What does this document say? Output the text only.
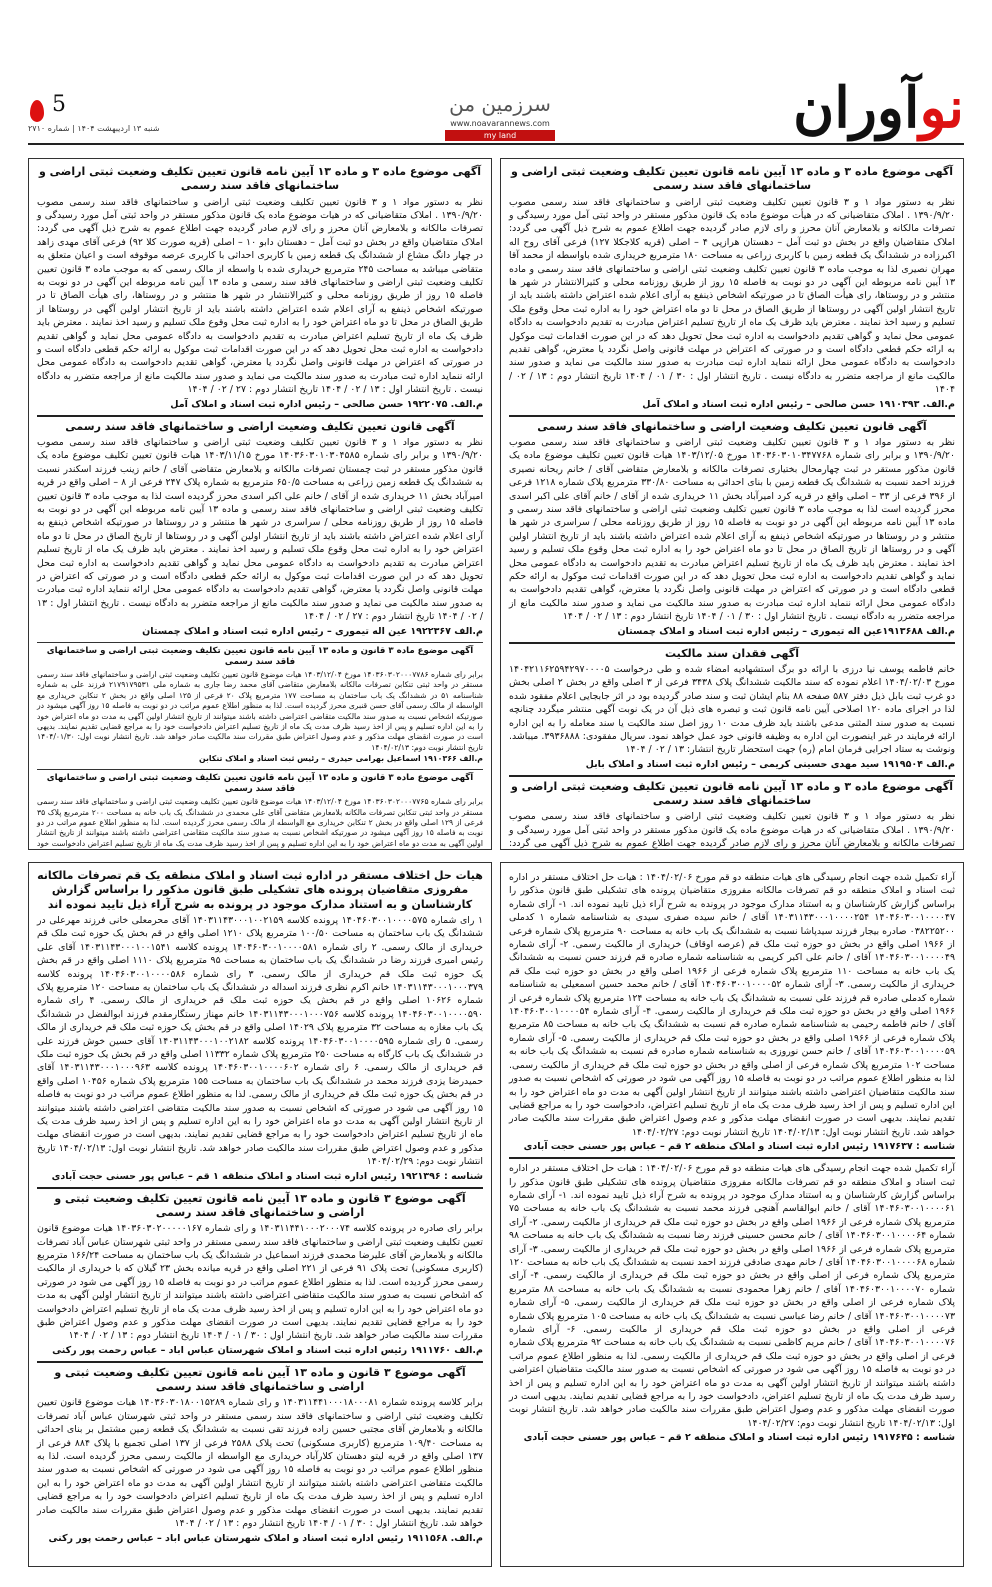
نوآوران
سرزمین من
www.noavarannews.com
my land
5
شنبه ۱۳ اردیبهشت ۱۴۰۴ | شماره ۲۷۱۰
آگهی موضوع ماده ۳ و ماده ۱۳ آیین نامه قانون تعیین تکلیف وضعیت ثبتی اراضی و ساختمانهای فاقد سند رسمی
نظر به دستور مواد ۱ و ۳ قانون تعیین تکلیف وضعیت ثبتی اراضی و ساختمانهای فاقد سند رسمی مصوب ۱۳۹۰/۹/۲۰ . املاک متقاضیانی که در هیأت موضوع ماده یک قانون مذکور مستقر در واحد ثبتی آمل مورد رسیدگی و تصرفات مالکانه و بلامعارض آنان محرز و رای لازم صادر گردیده جهت اطلاع عموم به شرح ذیل آگهی می گردد: املاک متقاضیان واقع در بخش دو ثبت آمل – دهستان هرازپی ۴ – اصلی (قریه کلاجکلا ۱۲۷) فرعی آقای روح اله اکبرزاده در ششدانگ یک قطعه زمین با کاربری زراعی به مساحت ۱۸۰ مترمربع خریداری شده باواسطه از محمد آقا مهران نصیری لذا به موجب ماده ۳ قانون تعیین تکلیف وضعیت ثبتی اراضی و ساختمانهای فاقد سند رسمی و ماده ۱۳ آیین نامه مربوطه این آگهی در دو نوبت به فاصله ۱۵ روز از طریق روزنامه محلی و کثیرالانتشار در شهر ها منتشر و در روستاها، رای هیأت الصاق تا در صورتیکه اشخاص ذینفع به آرای اعلام شده اعتراض داشته باشند باید از تاریخ انتشار اولین آگهی در روستاها از طریق الصاق در محل تا دو ماه اعتراض خود را به اداره ثبت محل وقوع ملک تسلیم و رسید اخذ نمایند . معترض باید ظرف یک ماه از تاریخ تسلیم اعتراض مبادرت به تقدیم دادخواست به دادگاه عمومی محل نماید و گواهی تقدیم دادخواست به اداره ثبت محل تحویل دهد که در این صورت اقدامات ثبت موکول به ارائه حکم قطعی دادگاه است و در صورتی که اعتراض در مهلت قانونی واصل نگردد یا معترض، گواهی تقدیم دادخواست به دادگاه عمومی محل ارائه ننمايد اداره ثبت مبادرت به صدور سند مالکیت می نماید و صدور سند مالکیت مانع از مراجعه متضرر به دادگاه نیست . تاریخ انتشار اول : ۳۰ / ۰۱ / ۱۴۰۴ تاریخ انتشار دوم : ۱۳ / ۰۲ / ۱۴۰۴
م.الف. ۱۹۱۰۳۹۳ حسن صالحی – رئیس اداره ثبت اسناد و املاک آمل
آگهی قانون تعیین تکلیف وضعیت اراضی و ساختمانهای فاقد سند رسمی
نظر به دستور مواد ۱ و ۳ قانون تعیین تکلیف وضعیت ثبتی اراضی و ساختمانهای فاقد سند رسمی مصوب ۱۳۹۰/۹/۲۰ و برابر رای شماره ۱۴۰۳۶۰۳۰۱۰۳۴۷۷۶۸ مورخ ۱۴۰۳/۱۲/۰۵ هیات قانون تعیین تکلیف موضوع ماده یک قانون مذکور مستقر در ثبت چهارمحال بختیاری تصرفات مالکانه و بلامعارض متقاضی آقای / خانم ریحانه نصیری فرزند احمد نسبت به ششدانگ یک قطعه زمین با بنای احداثی به مساحت ۳۳۰/۸۰ مترمربع پلاک شماره ۱۲۱۸ فرعی از ۳۹۶ فرعی از ۳۳ – اصلی واقع در قریه کرد امیرآباد بخش ۱۱ خریداری شده از آقای / خانم آقای علی اکبر اسدی محرز گردیده است لذا به موجب ماده ۳ قانون تعیین تکلیف وضعیت ثبتی اراضی و ساختمانهای فاقد سند رسمی و ماده ۱۳ آیین نامه مربوطه این آگهی در دو نوبت به فاصله ۱۵ روز از طریق روزنامه محلی / سراسری در شهر ها منتشر و در روستاها در صورتیکه اشخاص ذینفع به آرای اعلام شده اعتراض داشته باشند باید از تاریخ انتشار اولین آگهی و در روستاها از تاریخ الصاق در محل تا دو ماه اعتراض خود را به اداره ثبت محل وقوع ملک تسلیم و رسید اخذ نمایند . معترض باید ظرف یک ماه از تاریخ تسلیم اعتراض مبادرت به تقدیم دادخواست به دادگاه عمومی محل نماید و گواهی تقدیم دادخواست به اداره ثبت محل تحویل دهد که در این صورت اقدامات ثبت موکول به ارائه حکم قطعی دادگاه است و در صورتی که اعتراض در مهلت قانونی واصل نگردد یا معترض، گواهی تقدیم دادخواست به دادگاه عمومی محل ارائه ننماید اداره ثبت مبادرت به صدور سند مالکیت می نماید و صدور سند مالکیت مانع از مراجعه متضرر به دادگاه نیست . تاریخ انتشار اول : ۳۰ / ۰۱ / ۱۴۰۴ تاریخ انتشار دوم : ۱۳ / ۰۲ / ۱۴۰۴
م.الف ۱۹۱۳۶۸۸عین اله تیموری – رئیس اداره ثبت اسناد و املاک چمستان
آگهی فقدان سند مالکیت
خانم فاطمه یوسف نیا درزی با ارائه دو برگ استشهادیه امضاء شده و طی درخواست ۱۴۰۴۲۱۱۶۲۵۹۴۲۹۷۰۰۰۰۵ مورخ ۱۴۰۴/۰۲/۰۳ اعلام نموده که سند مالکیت ششدانگ پلاک ۳۴۳۸ فرعی از ۳ اصلی واقع در بخش ۲ اصلی بخش دو غرب ثبت بابل ذیل دفتر ۵۸۷ صفحه ۸۸ بنام ایشان ثبت و سند صادر گردیده بود در اثر جابجایی اعلام مفقود شده لذا در اجرای ماده ۱۲۰ اصلاحی آیین نامه قانون ثبت و تبصره های ذیل آن در یک نوبت آگهی منتشر میگردد چنانچه نسبت به صدور سند المثنی مدعی باشند باید ظرف مدت ۱۰ روز اصل سند مالکیت یا سند معامله را به این اداره ارائه فرمایند در غیر اینصورت این اداره به وظیفه قانونی خود عمل خواهد نمود. سریال مفقودی: ۳۹۳۶۸۸۸. میباشد. ونوشت به ستاد اجرایی فرمان امام (ره) جهت استحضار تاریخ انتشار: ۱۳ / ۰۲ / ۱۴۰۴
م.الف ۱۹۱۹۵۰۴ سید مهدی حسینی کریمی – رئیس اداره ثبت اسناد و املاک بابل
آگهی موضوع ماده ۳ و ماده ۱۳ آیین نامه قانون تعیین تکلیف وضعیت ثبتی اراضی و ساختمانهای فاقد سند رسمی
نظر به دستور مواد ۱ و ۳ قانون تعیین تکلیف وضعیت ثبتی اراضی و ساختمانهای فاقد سند رسمی مصوب ۱۳۹۰/۹/۲۰ . املاک متقاضیانی که در هیات موضوع ماده یک قانون مذکور مستقر در واحد ثبتی آمل مورد رسیدگی و تصرفات مالکانه و بلامعارض آنان محرز و رای لازم صادر گردیده جهت اطلاع عموم به شرح ذیل آگهی می گردد:
آگهی موضوع ماده ۳ و ماده ۱۳ آیین نامه قانون تعیین تکلیف وضعیت ثبتی اراضی و ساختمانهای فاقد سند رسمی
نظر به دستور مواد ۱ و ۳ قانون تعیین تکلیف وضعیت ثبتی اراضی و ساختمانهای فاقد سند رسمی مصوب ۱۳۹۰/۹/۲۰ . املاک متقاضیانی که در هیات موضوع ماده یک قانون مذکور مستقر در واحد ثبتی آمل مورد رسیدگی و تصرفات مالکانه و بلامعارض آنان محرز و رای لازم صادر گردیده جهت اطلاع عموم به شرح ذیل آگهی می گردد: املاک متقاضیان واقع در بخش دو ثبت آمل – دهستان دابو ۱۰ – اصلی (قریه صورت کلا ۹۲) فرعی آقای مهدی زاهد در چهار دانگ مشاع از ششدانگ یک قطعه زمین با کاربری احداثی با کاربری عرصه موقوفه است و اعیان متعلق به متقاضی میباشد به مساحت ۲۴۵ مترمربع خریداری شده با واسطه از مالک رسمی که به موجب ماده ۳ قانون تعیین تکلیف وضعیت ثبتی اراضی و ساختمانهای فاقد سند رسمی و ماده ۱۳ آیین نامه مربوطه این آگهی در دو نوبت به فاصله ۱۵ روز از طریق روزنامه محلی و کثیرالانتشار در شهر ها منتشر و در روستاها، رای هیأت الصاق تا در صورتیکه اشخاص ذینفع به آرای اعلام شده اعتراض داشته باشند باید از تاریخ انتشار اولین آگهی در روستاها از طریق الصاق در محل تا دو ماه اعتراض خود را به اداره ثبت محل وقوع ملک تسلیم و رسید اخذ نمایند . معترض باید ظرف یک ماه از تاریخ تسلیم اعتراض مبادرت به تقدیم دادخواست به دادگاه عمومی محل نماید و گواهی تقدیم دادخواست به اداره ثبت محل تحویل دهد که در این صورت اقدامات ثبت موکول به ارائه حکم قطعی دادگاه است و در صورتی که اعتراض در مهلت قانونی واصل نگردد یا معترض، گواهی تقدیم دادخواست به دادگاه عمومی محل ارائه ننماید اداره ثبت مبادرت به صدور سند مالکیت می نماید و صدور سند مالکیت مانع از مراجعه متضرر به دادگاه نیست . تاریخ انتشار اول : ۱۳ / ۰۲ / ۱۴۰۴ تاریخ انتشار دوم : ۲۷ / ۰۲ / ۱۴۰۴
م.الف. ۱۹۲۲۰۷۵ حسن صالحی – رئیس اداره ثبت اسناد و املاک آمل
آگهی قانون تعیین تکلیف وضعیت اراضی و ساختمانهای فاقد سند رسمی
نظر به دستور مواد ۱ و ۳ قانون تعیین تکلیف وضعیت ثبتی اراضی و ساختمانهای فاقد سند رسمی مصوب ۱۳۹۰/۹/۲۰ و برابر رای شماره ۱۴۰۳۶۰۳۰۱۰۳۰۴۵۸۵ مورخ ۱۴۰۳/۱۱/۱۵ هیات قانون تعیین تکلیف موضوع ماده یک قانون مذکور مستقر در ثبت چمستان تصرفات مالکانه و بلامعارض متقاضی آقای / خانم زینب فرزند اسکندر نسبت به ششدانگ یک قطعه زمین زراعی به مساحت ۶۵۰/۵ مترمربع به شماره پلاک ۲۴۷ فرعی از ۸ – اصلی واقع در قریه امیرآباد بخش ۱۱ خریداری شده از آقای / خانم علی اکبر اسدی محرز گردیده است لذا به موجب ماده ۳ قانون تعیین تکلیف وضعیت ثبتی اراضی و ساختمانهای فاقد سند رسمی و ماده ۱۳ آیین نامه مربوطه این آگهی در دو نوبت به فاصله ۱۵ روز از طریق روزنامه محلی / سراسری در شهر ها منتشر و در روستاها در صورتیکه اشخاص ذینفع به آرای اعلام شده اعتراض داشته باشند باید از تاریخ انتشار اولین آگهی و در روستاها از تاریخ الصاق در محل تا دو ماه اعتراض خود را به اداره ثبت محل وقوع ملک تسلیم و رسید اخذ نمایند . معترض باید ظرف یک ماه از تاریخ تسلیم اعتراض مبادرت به تقدیم دادخواست به دادگاه عمومی محل نماید و گواهی تقدیم دادخواست به اداره ثبت محل تحویل دهد که در این صورت اقدامات ثبت موکول به ارائه حکم قطعی دادگاه است و در صورتی که اعتراض در مهلت قانونی واصل نگردد یا معترض، گواهی تقدیم دادخواست به دادگاه عمومی محل ارائه ننماید اداره ثبت مبادرت به صدور سند مالکیت می نماید و صدور سند مالکیت مانع از مراجعه متضرر به دادگاه نیست . تاریخ انتشار اول : ۱۳ / ۰۲ / ۱۴۰۴ تاریخ انتشار دوم : ۲۷ / ۰۲ / ۱۴۰۴
م.الف ۱۹۲۲۳۶۷ عین اله تیموری – رئیس اداره ثبت اسناد و املاک چمستان
آگهی موضوع ماده ۳ قانون و ماده ۱۳ آیین نامه قانون تعیین تکلیف وضعیت ثبتی اراضی و ساختمانهای فاقد سند رسمی
برابر رای شماره ۱۴۰۳۶۰۳۰۲۰۰۰۷۷۸۶ مورخ ۱۴۰۳/۱۲/۰۴ هیات موضوع قانون تعیین تکلیف وضعیت ثبتی اراضی و ساختمانهای فاقد سند رسمی مستقر در واحد ثبتی تنکابن تصرفات مالکانه بلامعارض متقاضی آقای محمد رضا جاری به شماره ملی ۲۱۷۹۱۷۹۵۳۱ فرزند علی به شماره شناسنامه ۵۱ در ششدانگ یک باب ساختمان به مساحت ۱۷۷ مترمربع پلاک ۲۰ فرعی از ۱۲۵ اصلی واقع در بخش ۲ تنکابن خریداری مع الواسطه از مالک رسمی آقای حسن قنبری محرز گردیده است. لذا به منظور اطلاع عموم مراتب در دو نوبت به فاصله ۱۵ روز آگهی میشود در صورتیکه اشخاص نسبت به صدور سند مالکیت متقاضی اعتراضی داشته باشند میتوانند از تاریخ انتشار اولین آگهی به مدت دو ماه اعتراض خود را به این اداره تسلیم و پس از اخذ رسید ظرف مدت یک ماه از تاریخ تسلیم اعتراض دادخواست خود را به مراجع قضایی تقدیم نمایند. بدیهی است در صورت انقضای مهلت مذکور و عدم وصول اعتراض طبق مقررات سند مالکیت صادر خواهد شد. تاریخ انتشار نوبت اول: ۱۴۰۴/۰۱/۳۰ تاریخ انتشار نوبت دوم: ۱۴۰۴/۰۲/۱۳
م.الف ۱۹۱۰۳۶۶ اسماعیل بهرامی حیدری – رئیس ثبت اسناد و املاک تنکابن
آگهی موضوع ماده ۳ قانون و ماده ۱۳ آیین نامه قانون تعیین تکلیف وضعیت ثبتی اراضی و ساختمانهای فاقد سند رسمی
برابر رای شماره ۱۴۰۳۶۰۳۰۲۰۰۰۷۷۶۵ مورخ ۱۴۰۳/۱۲/۰۴ هیات موضوع قانون تعیین تکلیف وضعیت ثبتی اراضی و ساختمانهای فاقد سند رسمی مستقر در واحد ثبتی تنکابن تصرفات مالکانه بلامعارض متقاضی آقای علی محمدی در ششدانگ یک باب خانه به مساحت ۲۰۰ مترمربع پلاک ۳۵ فرعی از ۱۲۹ اصلی واقع در بخش ۲ تنکابن خریداری مع الواسطه از مالک رسمی محرز گردیده است. لذا به منظور اطلاع عموم مراتب در دو نوبت به فاصله ۱۵ روز آگهی میشود در صورتیکه اشخاص نسبت به صدور سند مالکیت متقاضی اعتراضی داشته باشند میتوانند از تاریخ انتشار اولین آگهی به مدت دو ماه اعتراض خود را به این اداره تسلیم و پس از اخذ رسید ظرف مدت یک ماه از تاریخ تسلیم اعتراض دادخواست خود
آراء تکمیل شده جهت انجام رسیدگی های هیات منطقه دو قم مورخ ۱۴۰۴/۰۲/۰۶ : هیات حل اختلاف مستقر در اداره ثبت اسناد و املاک منطقه دو قم تصرفات مالکانه مفروزی متقاضیان پرونده های تشکیلی طبق قانون مذکور را براساس گزارش کارشناسان و به استناد مدارک موجود در پرونده به شرح آراء ذیل تایید نموده اند. ۱- آرای شماره ۱۴۰۴۶۰۳۰۰۱۰۰۰۰۴۷ ۱۴۰۳۱۱۴۳۰۰۰۱۰۰۰۰۲۵۴ آقای / خانم سیده صفری سیدی به شناسنامه شماره ۱ کدملی ۰۳۸۲۲۵۲۰۰ صادره بیجار فرزند سیدپاشا نسبت به ششدانگ یک باب خانه به مساحت ۹۰ مترمربع پلاک شماره فرعی از ۱۹۶۶ اصلی واقع در بخش دو حوزه ثبت ملک قم (عرصه اوقاف) خریداری از مالکیت رسمی. ۲- آرای شماره ۱۴۰۴۶۰۳۰۰۱۰۰۰۰۴۹ آقای / خانم علی اکبر کریمی به شناسنامه شماره صادره قم فرزند حسن نسبت به ششدانگ یک باب خانه به مساحت ۱۱۰ مترمربع پلاک شماره فرعی از ۱۹۶۶ اصلی واقع در بخش دو حوزه ثبت ملک قم خریداری از مالکیت رسمی. ۳- آرای شماره ۱۴۰۴۶۰۳۰۰۱۰۰۰۰۵۲ آقای / خانم محمد حسین اسمعیلی به شناسنامه شماره کدملی صادره قم فرزند علی نسبت به ششدانگ یک باب خانه به مساحت ۱۲۴ مترمربع پلاک شماره فرعی از ۱۹۶۶ اصلی واقع در بخش دو حوزه ثبت ملک قم خریداری از مالکیت رسمی. ۴- آرای شماره ۱۴۰۴۶۰۳۰۰۱۰۰۰۰۵۴ آقای / خانم فاطمه رحیمی به شناسنامه شماره صادره قم نسبت به ششدانگ یک باب خانه به مساحت ۸۵ مترمربع پلاک شماره فرعی از ۱۹۶۶ اصلی واقع در بخش دو حوزه ثبت ملک قم خریداری از مالکیت رسمی. ۵- آرای شماره ۱۴۰۴۶۰۳۰۰۱۰۰۰۰۵۹ آقای / خانم حسن نوروزی به شناسنامه شماره صادره قم نسبت به ششدانگ یک باب خانه به مساحت ۱۰۲ مترمربع پلاک شماره فرعی از اصلی واقع در بخش دو حوزه ثبت ملک قم خریداری از مالکیت رسمی. لذا به منظور اطلاع عموم مراتب در دو نوبت به فاصله ۱۵ روز آگهی می شود در صورتی که اشخاص نسبت به صدور سند مالکیت متقاضیان اعتراضی داشته باشند میتوانند از تاریخ انتشار اولین آگهی به مدت دو ماه اعتراض خود را به این اداره تسلیم و پس از اخذ رسید ظرف مدت یک ماه از تاریخ تسلیم اعتراض، دادخواست خود را به مراجع قضایی تقدیم نمایند. بدیهی است در صورت انقضای مهلت مذکور و عدم وصول اعتراض طبق مقررات سند مالکیت صادر خواهد شد. تاریخ انتشار نوبت اول: ۱۴۰۴/۰۲/۱۳ تاریخ انتشار نوبت دوم: ۱۴۰۴/۰۲/۲۷
شناسه : ۱۹۱۷۶۳۷ رئیس اداره ثبت اسناد و املاک منطقه ۲ قم – عباس پور حسنی حجت آبادی
آراء تکمیل شده جهت انجام رسیدگی های هیات منطقه دو قم مورخ ۱۴۰۴/۰۲/۰۶ : هیات حل اختلاف مستقر در اداره ثبت اسناد و املاک منطقه دو قم تصرفات مالکانه مفروزی متقاضیان پرونده های تشکیلی طبق قانون مذکور را براساس گزارش کارشناسان و به استناد مدارک موجود در پرونده به شرح آراء ذیل تایید نموده اند. ۱- آرای شماره ۱۴۰۴۶۰۳۰۰۱۰۰۰۰۶۱ آقای / خانم ابوالقاسم آهنچی فرزند محمد نسبت به ششدانگ یک باب خانه به مساحت ۷۵ مترمربع پلاک شماره فرعی از ۱۹۶۶ اصلی واقع در بخش دو حوزه ثبت ملک قم خریداری از مالکیت رسمی. ۲- آرای شماره ۱۴۰۴۶۰۳۰۰۱۰۰۰۰۶۴ آقای / خانم محسن حسینی فرزند رضا نسبت به ششدانگ یک باب خانه به مساحت ۹۸ مترمربع پلاک شماره فرعی از ۱۹۶۶ اصلی واقع در بخش دو حوزه ثبت ملک قم خریداری از مالکیت رسمی. ۳- آرای شماره ۱۴۰۴۶۰۳۰۰۱۰۰۰۰۶۸ آقای / خانم مهدی صادقی فرزند احمد نسبت به ششدانگ یک باب خانه به مساحت ۱۲۰ مترمربع پلاک شماره فرعی از اصلی واقع در بخش دو حوزه ثبت ملک قم خریداری از مالکیت رسمی. ۴- آرای شماره ۱۴۰۴۶۰۳۰۰۱۰۰۰۰۷۰ آقای / خانم زهرا محمودی نسبت به ششدانگ یک باب خانه به مساحت ۸۸ مترمربع پلاک شماره فرعی از اصلی واقع در بخش دو حوزه ثبت ملک قم خریداری از مالکیت رسمی. ۵- آرای شماره ۱۴۰۴۶۰۳۰۰۱۰۰۰۰۷۳ آقای / خانم رضا عباسی نسبت به ششدانگ یک باب خانه به مساحت ۱۰۵ مترمربع پلاک شماره فرعی از اصلی واقع در بخش دو حوزه ثبت ملک قم خریداری از مالکیت رسمی. ۶- آرای شماره ۱۴۰۴۶۰۳۰۰۱۰۰۰۰۷۶ آقای / خانم مریم کاظمی نسبت به ششدانگ یک باب خانه به مساحت ۹۲ مترمربع پلاک شماره فرعی از اصلی واقع در بخش دو حوزه ثبت ملک قم خریداری از مالکیت رسمی. لذا به منظور اطلاع عموم مراتب در دو نوبت به فاصله ۱۵ روز آگهی می شود در صورتی که اشخاص نسبت به صدور سند مالکیت متقاضیان اعتراضی داشته باشند میتوانند از تاریخ انتشار اولین آگهی به مدت دو ماه اعتراض خود را به این اداره تسلیم و پس از اخذ رسید ظرف مدت یک ماه از تاریخ تسلیم اعتراض، دادخواست خود را به مراجع قضایی تقدیم نمایند. بدیهی است در صورت انقضای مهلت مذکور و عدم وصول اعتراض طبق مقررات سند مالکیت صادر خواهد شد. تاریخ انتشار نوبت اول: ۱۴۰۴/۰۲/۱۳ تاریخ انتشار نوبت دوم: ۱۴۰۴/۰۲/۲۷
شناسه : ۱۹۱۷۶۴۵ رئیس اداره ثبت اسناد و املاک منطقه ۲ قم – عباس پور حسنی حجت آبادی
هیات حل اختلاف مستقر در اداره ثبت اسناد و املاک منطقه یک قم تصرفات مالکانه مفروزی متقاضیان پرونده های تشکیلی طبق قانون مذکور را براساس گزارش کارشناسان و به استناد مدارک موجود در پرونده به شرح آراء ذیل تایید نموده اند
۱ رای شماره ۱۴۰۴۶۰۳۰۰۱۰۰۰۰۵۷۵ پرونده کلاسه ۱۴۰۳۱۱۴۳۰۰۰۱۰۰۲۱۵۹ آقای محرمعلی خانی فرزند مهرعلی در ششدانگ یک باب ساختمان به مساحت ۱۰۰/۵۰ مترمربع پلاک ۱۲۱۰ اصلی واقع در قم بخش یک حوزه ثبت ملک قم خریداری از مالک رسمی. ۲ رای شماره ۱۴۰۴۶۰۳۰۰۱۰۰۰۰۵۸۱ پرونده کلاسه ۱۴۰۳۱۱۴۳۰۰۰۱۰۰۱۵۴۱ آقای علی رئیس امیری فرزند رضا در ششدانگ یک باب ساختمان به مساحت ۹۵ مترمربع پلاک ۱۱۱۰ اصلی واقع در قم بخش یک حوزه ثبت ملک قم خریداری از مالک رسمی. ۳ رای شماره ۱۴۰۴۶۰۳۰۰۱۰۰۰۰۵۸۶ پرونده کلاسه ۱۴۰۳۱۱۴۳۰۰۰۱۰۰۰۳۷۹ خانم اکرم نظری فرزند اسداله در ششدانگ یک باب ساختمان به مساحت ۱۲۰ مترمربع پلاک شماره ۱۰۶۲۶ اصلی واقع در قم بخش یک حوزه ثبت ملک قم خریداری از مالک رسمی. ۴ رای شماره ۱۴۰۴۶۰۳۰۰۱۰۰۰۰۵۹۰ پرونده کلاسه ۱۴۰۳۱۱۴۳۰۰۰۱۰۰۰۷۵۶ خانم مهناز رستگارمقدم فرزند ابوالفضل در ششدانگ یک باب مغازه به مساحت ۳۲ مترمربع پلاک ۱۴۰۲۹ اصلی واقع در قم بخش یک حوزه ثبت ملک قم خریداری از مالک رسمی. ۵ رای شماره ۱۴۰۴۶۰۳۰۰۱۰۰۰۰۵۹۵ پرونده کلاسه ۱۴۰۳۱۱۴۳۰۰۰۱۰۰۲۱۸۲ آقای حسین خوش فرزند علی در ششدانگ یک باب کارگاه به مساحت ۲۵۰ مترمربع پلاک شماره ۱۱۳۳۲ اصلی واقع در قم بخش یک حوزه ثبت ملک قم خریداری از مالک رسمی. ۶ رای شماره ۱۴۰۴۶۰۳۰۰۱۰۰۰۰۶۰۲ پرونده کلاسه ۱۴۰۳۱۱۴۳۰۰۰۱۰۰۰۹۶۳ آقای حمیدرضا یزدی فرزند محمد در ششدانگ یک باب ساختمان به مساحت ۱۵۵ مترمربع پلاک شماره ۱۰۴۵۶ اصلی واقع در قم بخش یک حوزه ثبت ملک قم خریداری از مالک رسمی. لذا به منظور اطلاع عموم مراتب در دو نوبت به فاصله ۱۵ روز آگهی می شود در صورتی که اشخاص نسبت به صدور سند مالکیت متقاضی اعتراضی داشته باشند میتوانند از تاریخ انتشار اولین آگهی به مدت دو ماه اعتراض خود را به این اداره تسلیم و پس از اخذ رسید ظرف مدت یک ماه از تاریخ تسلیم اعتراض دادخواست خود را به مراجع قضایی تقدیم نمایند. بدیهی است در صورت انقضای مهلت مذکور و عدم وصول اعتراض طبق مقررات سند مالکیت صادر خواهد شد. تاریخ انتشار نوبت اول: ۱۴۰۴/۰۲/۱۳ تاریخ انتشار نوبت دوم: ۱۴۰۴/۰۲/۲۹
شناسه : ۱۹۲۱۳۹۶ رئیس اداره ثبت اسناد و املاک منطقه ۱ قم – عباس پور حسنی حجت آبادی
آگهی موضوع ۳ قانون و ماده ۱۳ آیین نامه قانون تعیین تکلیف وضعیت ثبتی و اراضی و ساختمانهای فاقد سند رسمی
برابر رای صادره در پرونده کلاسه ۱۴۰۳۱۱۴۴۱۰۰۰۲۰۰۰۷۴ و رای شماره ۱۴۰۳۶۰۳۰۲۰۰۰۰۰۱۶۷ هیات موضوع قانون تعیین تکلیف وضعیت ثبتی اراضی و ساختمانهای فاقد سند رسمی مستقر در واحد ثبتی شهرستان عباس آباد تصرفات مالکانه و بلامعارض آقای علیرضا محمدی فرزند اسماعیل در ششدانگ یک باب ساختمان به مساحت ۱۶۶/۲۴ مترمربع (کاربری مسکونی) تحت پلاک ۹۱ فرعی از ۲۲۱ اصلی واقع در قریه میانده بخش ۲۳ گیلان که با خریداری از مالکیت رسمی محرز گردیده است. لذا به منظور اطلاع عموم مراتب در دو نوبت به فاصله ۱۵ روز آگهی می شود در صورتی که اشخاص نسبت به صدور سند مالکیت متقاضی اعتراضی داشته باشند میتوانند از تاریخ انتشار اولین آگهی به مدت دو ماه اعتراض خود را به این اداره تسلیم و پس از اخذ رسید ظرف مدت یک ماه از تاریخ تسلیم اعتراض دادخواست خود را به مراجع قضایی تقدیم نمایند. بدیهی است در صورت انقضای مهلت مذکور و عدم وصول اعتراض طبق مقررات سند مالکیت صادر خواهد شد. تاریخ انتشار اول : ۳۰ / ۰۱ / ۱۴۰۴ تاریخ انتشار دوم : ۱۳ / ۰۲ / ۱۴۰۴
م.الف ۱۹۱۱۷۶۰ رئیس اداره ثبت اسناد و املاک شهرستان عباس اباد – عباس رحمت پور رکنی
آگهی موضوع ۳ قانون و ماده ۱۳ آیین نامه قانون تعیین تکلیف وضعیت ثبتی و اراضی و ساختمانهای فاقد سند رسمی
برابر کلاسه پرونده شماره ۱۴۰۳۱۱۴۴۱۰۰۰۱۸۰۰۰۸۱ و رای شماره ۱۴۰۳۶۰۳۰۱۸۰۰۱۵۲۸۹ هیات موضوع قانون تعیین تکلیف وضعیت ثبتی اراضی و ساختمانهای فاقد سند رسمی مستقر در واحد ثبتی شهرستان عباس آباد تصرفات مالکانه و بلامعارض آقای مجتبی حسین زاده فرزند تقی نسبت به ششدانگ یک قطعه زمین مشتمل بر بنای احداثی به مساحت ۱۰۹/۴۰ مترمربع (کاربری مسکونی) تحت پلاک ۲۵۸۸ فرعی از ۱۳۷ اصلی تجمیع با پلاک ۸۸۴ فرعی از ۱۳۷ اصلی واقع در قریه لیتو دهستان کلارآباد خریداری مع الواسطه از مالکیت رسمی محرز گردیده است. لذا به منظور اطلاع عموم مراتب در دو نوبت به فاصله ۱۵ روز آگهی می شود در صورتی که اشخاص نسبت به صدور سند مالکیت متقاضی اعتراضی داشته باشند میتوانند از تاریخ انتشار اولین آگهی به مدت دو ماه اعتراض خود را به این اداره تسلیم و پس از اخذ رسید ظرف مدت یک ماه از تاریخ تسلیم اعتراض دادخواست خود را به مراجع قضایی تقدیم نمایند. بدیهی است در صورت انقضای مهلت مذکور و عدم وصول اعتراض طبق مقررات سند مالکیت صادر خواهد شد. تاریخ انتشار اول : ۳۰ / ۰۱ / ۱۴۰۴ تاریخ انتشار دوم : ۱۳ / ۰۲ / ۱۴۰۴
م.الف. ۱۹۱۱۵۶۸ رئیس اداره ثبت اسناد و املاک شهرستان عباس اباد – عباس رحمت پور رکنی
